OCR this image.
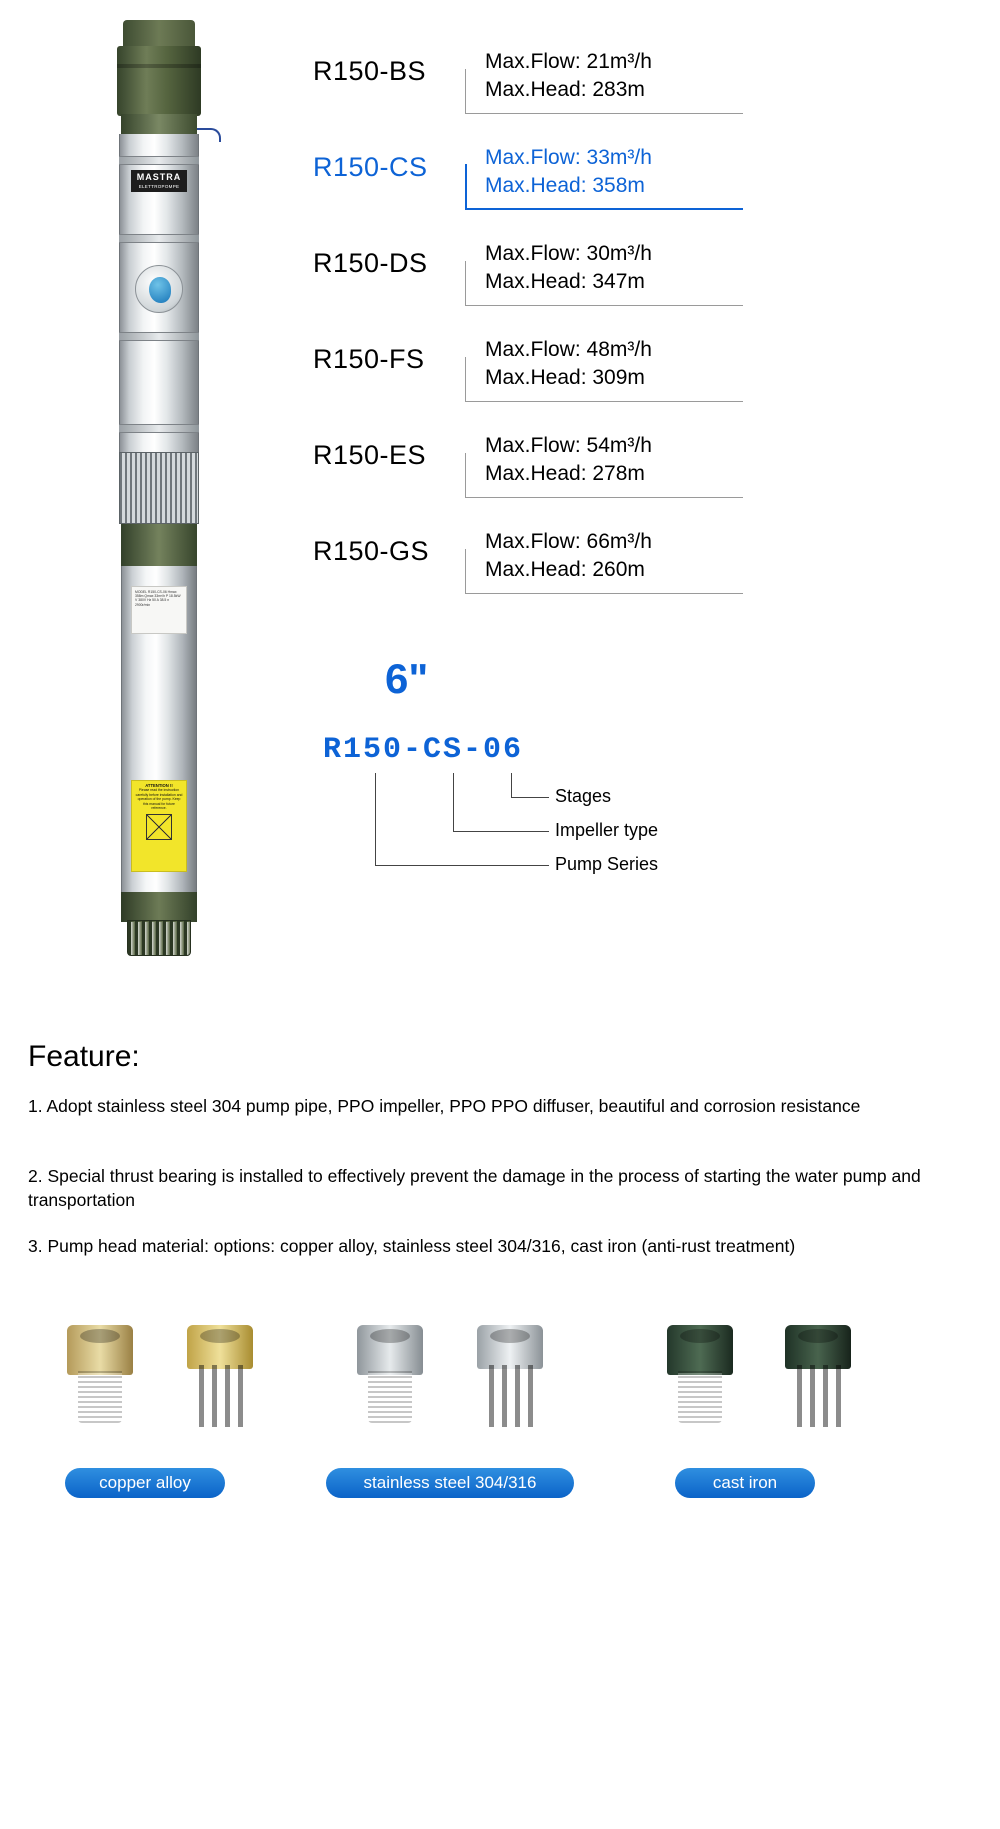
MASTRA
ELETTROPOMPE
MODEL R150-CS-06 Hmax 358m Qmax 33m³/h P 18.5kW V 380V Hz 50 A 38.5 n 2900r/min
ATTENTION !!
Please read the instruction carefully before installation and operation of the pump. Keep this manual for future reference.
R150-BS	Max.Flow: 21m³/h
Max.Head: 283m
R150-CS	Max.Flow: 33m³/h
Max.Head: 358m
R150-DS	Max.Flow: 30m³/h
Max.Head: 347m
R150-FS	Max.Flow: 48m³/h
Max.Head: 309m
R150-ES	Max.Flow: 54m³/h
Max.Head: 278m
R150-GS	Max.Flow: 66m³/h
Max.Head: 260m
6"
R150-CS-06
Stages
Impeller type
Pump Series
Feature:
1. Adopt stainless steel 304 pump pipe, PPO impeller, PPO PPO diffuser, beautiful and corrosion resistance
2. Special thrust bearing is installed to effectively prevent the damage in the process of starting the water pump and transportation
3. Pump head material: options: copper alloy, stainless steel 304/316, cast iron (anti-rust treatment)
copper alloy	stainless steel 304/316	cast iron
